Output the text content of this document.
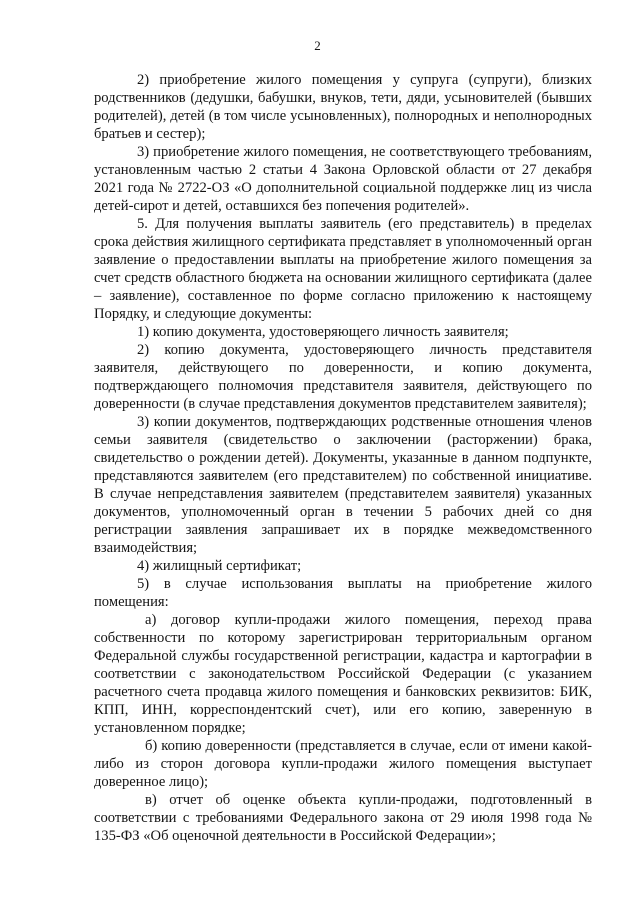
2

2) приобретение жилого помещения у супруга (супруги), близких родственников (дедушки, бабушки, внуков, тети, дяди, усыновителей (бывших родителей), детей (в том числе усыновленных), полнородных и неполнородных братьев и сестер);

3) приобретение жилого помещения, не соответствующего требованиям, установленным частью 2 статьи 4 Закона Орловской области от 27 декабря 2021 года № 2722-ОЗ «О дополнительной социальной поддержке лиц из числа детей-сирот и детей, оставшихся без попечения родителей».

5. Для получения выплаты заявитель (его представитель) в пределах срока действия жилищного сертификата представляет в уполномоченный орган заявление о предоставлении выплаты на приобретение жилого помещения за счет средств областного бюджета на основании жилищного сертификата (далее – заявление), составленное по форме согласно приложению к настоящему Порядку, и следующие документы:

1) копию документа, удостоверяющего личность заявителя;

2) копию документа, удостоверяющего личность представителя заявителя, действующего по доверенности, и копию документа, подтверждающего полномочия представителя заявителя, действующего по доверенности (в случае представления документов представителем заявителя);

3) копии документов, подтверждающих родственные отношения членов семьи заявителя (свидетельство о заключении (расторжении) брака, свидетельство о рождении детей). Документы, указанные в данном подпункте, представляются заявителем (его представителем) по собственной инициативе. В случае непредставления заявителем (представителем заявителя) указанных документов, уполномоченный орган в течении 5 рабочих дней со дня регистрации заявления запрашивает их в порядке межведомственного взаимодействия;

4) жилищный сертификат;

5) в случае использования выплаты на приобретение жилого помещения:

а) договор купли-продажи жилого помещения, переход права собственности по которому зарегистрирован территориальным органом Федеральной службы государственной регистрации, кадастра и картографии в соответствии с законодательством Российской Федерации (с указанием расчетного счета продавца жилого помещения и банковских реквизитов: БИК, КПП, ИНН, корреспондентский счет), или его копию, заверенную в установленном порядке;

б) копию доверенности (представляется в случае, если от имени какой-либо из сторон договора купли-продажи жилого помещения выступает доверенное лицо);

в) отчет об оценке объекта купли-продажи, подготовленный в соответствии с требованиями Федерального закона от 29 июля 1998 года № 135-ФЗ «Об оценочной деятельности в Российской Федерации»;
